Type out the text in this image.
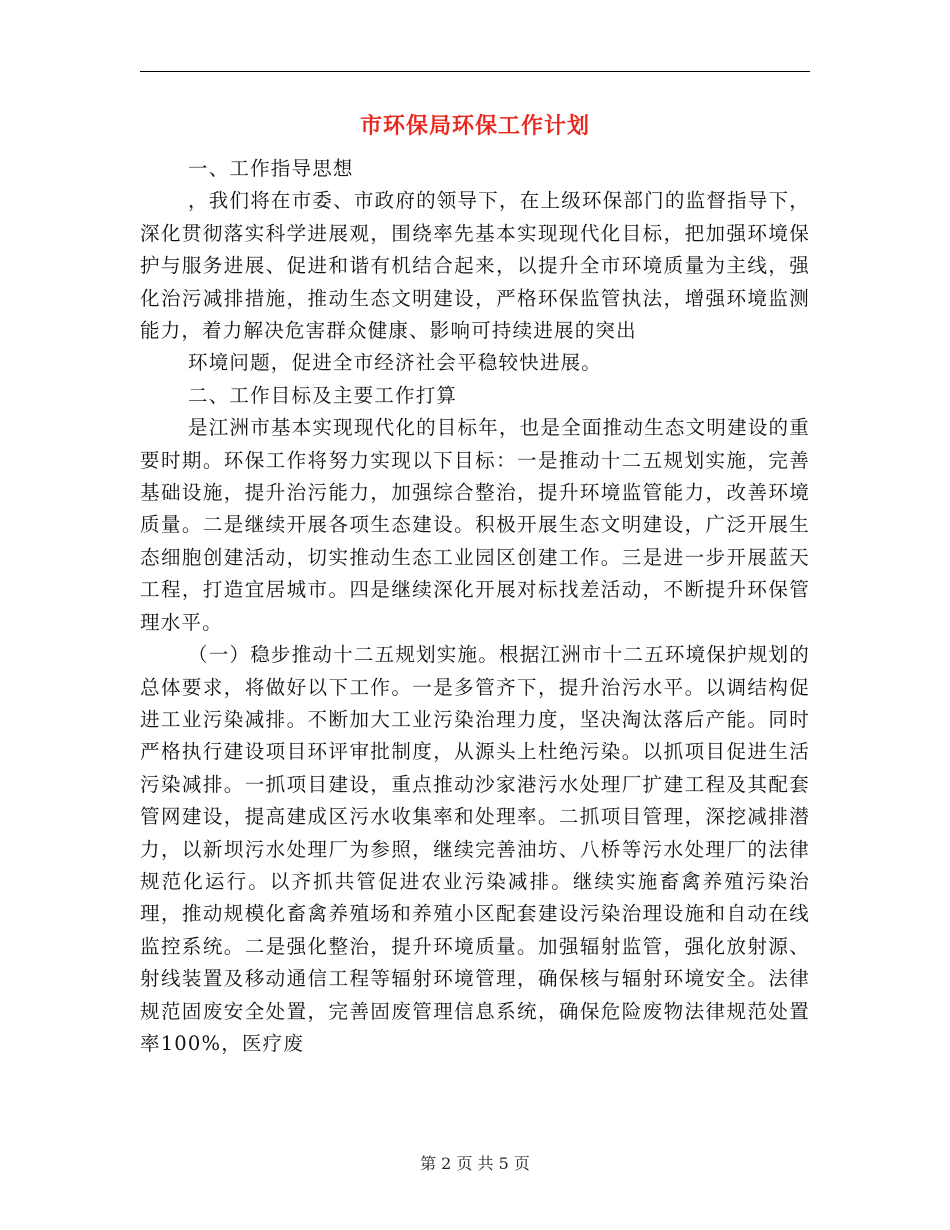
市环保局环保工作计划

一、工作指导思想

，我们将在市委、市政府的领导下，在上级环保部门的监督指导下，深化贯彻落实科学进展观，围绕率先基本实现现代化目标，把加强环境保护与服务进展、促进和谐有机结合起来，以提升全市环境质量为主线，强化治污减排措施，推动生态文明建设，严格环保监管执法，增强环境监测能力，着力解决危害群众健康、影响可持续进展的突出

环境问题，促进全市经济社会平稳较快进展。

二、工作目标及主要工作打算

是江洲市基本实现现代化的目标年，也是全面推动生态文明建设的重要时期。环保工作将努力实现以下目标：一是推动十二五规划实施，完善基础设施，提升治污能力，加强综合整治，提升环境监管能力，改善环境质量。二是继续开展各项生态建设。积极开展生态文明建设，广泛开展生态细胞创建活动，切实推动生态工业园区创建工作。三是进一步开展蓝天工程，打造宜居城市。四是继续深化开展对标找差活动，不断提升环保管理水平。

（一）稳步推动十二五规划实施。根据江洲市十二五环境保护规划的总体要求，将做好以下工作。一是多管齐下，提升治污水平。以调结构促进工业污染减排。不断加大工业污染治理力度，坚决淘汰落后产能。同时严格执行建设项目环评审批制度，从源头上杜绝污染。以抓项目促进生活污染减排。一抓项目建设，重点推动沙家港污水处理厂扩建工程及其配套管网建设，提高建成区污水收集率和处理率。二抓项目管理，深挖减排潜力，以新坝污水处理厂为参照，继续完善油坊、八桥等污水处理厂的法律规范化运行。以齐抓共管促进农业污染减排。继续实施畜禽养殖污染治理，推动规模化畜禽养殖场和养殖小区配套建设污染治理设施和自动在线监控系统。二是强化整治，提升环境质量。加强辐射监管，强化放射源、射线装置及移动通信工程等辐射环境管理，确保核与辐射环境安全。法律规范固废安全处置，完善固废管理信息系统，确保危险废物法律规范处置率100%，医疗废

第 2 页 共 5 页
